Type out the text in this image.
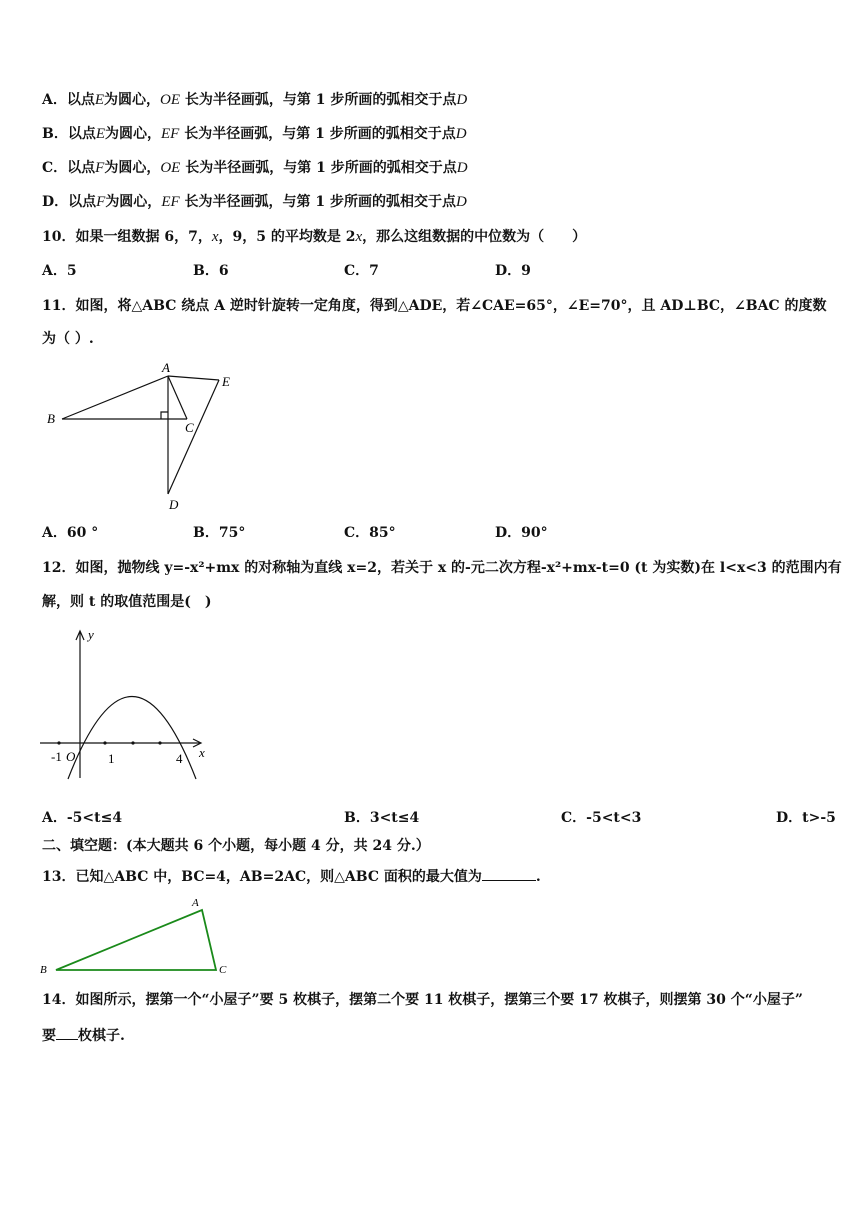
A．以点E为圆心，OE 长为半径画弧，与第 1 步所画的弧相交于点D
B．以点E为圆心，EF 长为半径画弧，与第 1 步所画的弧相交于点D
C．以点F为圆心，OE 长为半径画弧，与第 1 步所画的弧相交于点D
D．以点F为圆心，EF 长为半径画弧，与第 1 步所画的弧相交于点D
10．如果一组数据 6，7，x，9，5 的平均数是 2x，那么这组数据的中位数为（　　）
A．5	B．6	C．7	D．9
11．如图，将△ABC 绕点 A 逆时针旋转一定角度，得到△ADE，若∠CAE=65°，∠E=70°，且 AD⊥BC，∠BAC 的度数
为（ ）.
A
B
C
D
E
A．60 °	B．75°	C．85°	D．90°
12．如图，抛物线 y=-x²+mx 的对称轴为直线 x=2，若关于 x 的-元二次方程-x²+mx-t=0 (t 为实数)在 l<x<3 的范围内有
解，则 t 的取值范围是(　)
y
x
-1 O	1	4
A．-5<t≤4	B．3<t≤4	C．-5<t<3	D．t>-5
二、填空题：(本大题共 6 个小题，每小题 4 分，共 24 分.）
13．已知△ABC 中，BC=4，AB=2AC，则△ABC 面积的最大值为	.
A
B	C
14．如图所示，摆第一个“小屋子”要 5 枚棋子，摆第二个要 11 枚棋子，摆第三个要 17 枚棋子，则摆第 30 个“小屋子”
要 枚棋子.
